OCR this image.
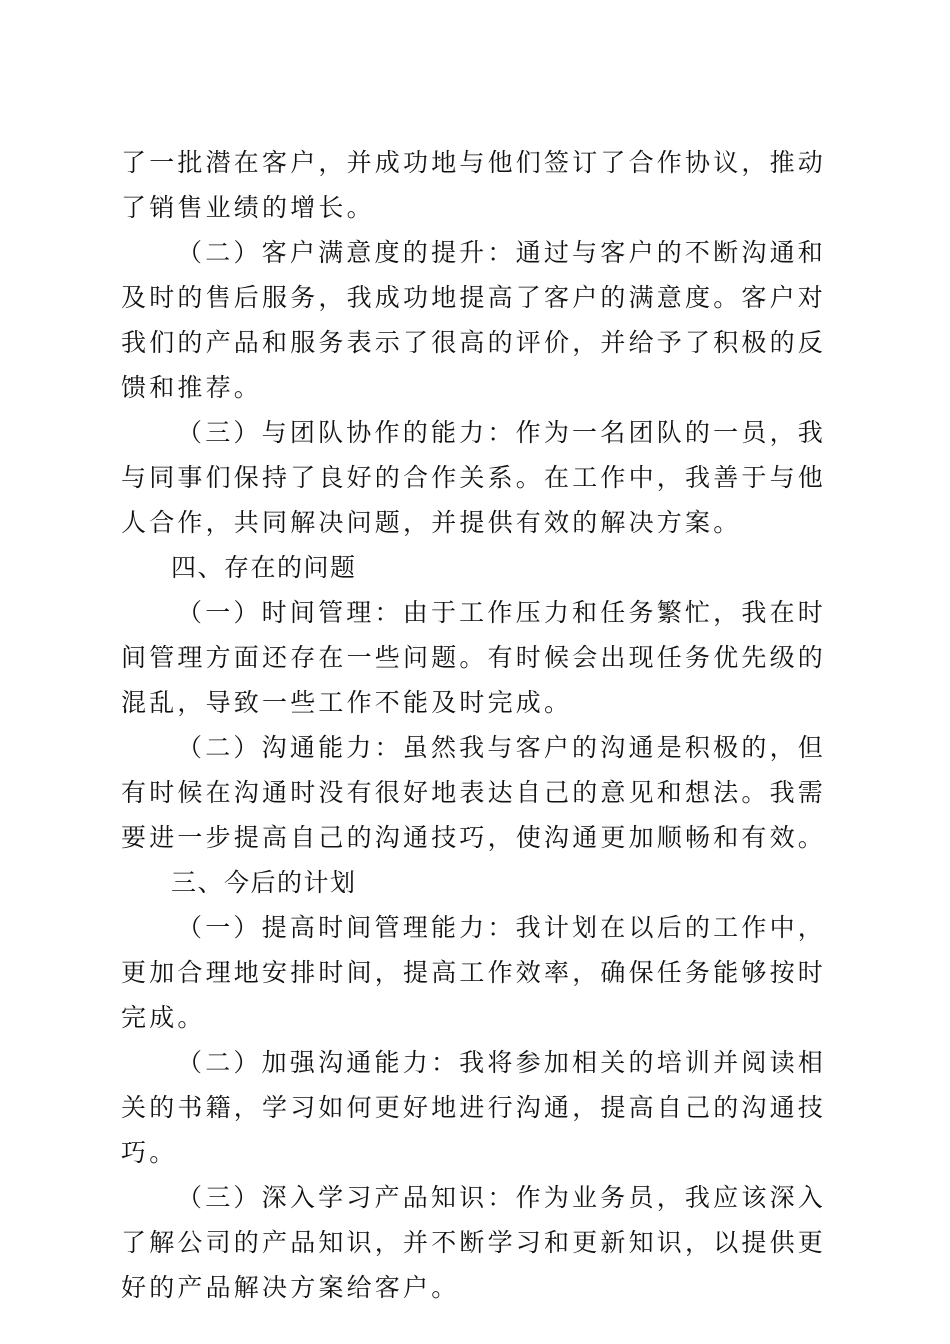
了一批潜在客户，并成功地与他们签订了合作协议，推动了销售业绩的增长。

（二）客户满意度的提升：通过与客户的不断沟通和及时的售后服务，我成功地提高了客户的满意度。客户对我们的产品和服务表示了很高的评价，并给予了积极的反馈和推荐。

（三）与团队协作的能力：作为一名团队的一员，我与同事们保持了良好的合作关系。在工作中，我善于与他人合作，共同解决问题，并提供有效的解决方案。

四、存在的问题

（一）时间管理：由于工作压力和任务繁忙，我在时间管理方面还存在一些问题。有时候会出现任务优先级的混乱，导致一些工作不能及时完成。

（二）沟通能力：虽然我与客户的沟通是积极的，但有时候在沟通时没有很好地表达自己的意见和想法。我需要进一步提高自己的沟通技巧，使沟通更加顺畅和有效。

三、今后的计划

（一）提高时间管理能力：我计划在以后的工作中，更加合理地安排时间，提高工作效率，确保任务能够按时完成。

（二）加强沟通能力：我将参加相关的培训并阅读相关的书籍，学习如何更好地进行沟通，提高自己的沟通技巧。

（三）深入学习产品知识：作为业务员，我应该深入了解公司的产品知识，并不断学习和更新知识，以提供更好的产品解决方案给客户。
